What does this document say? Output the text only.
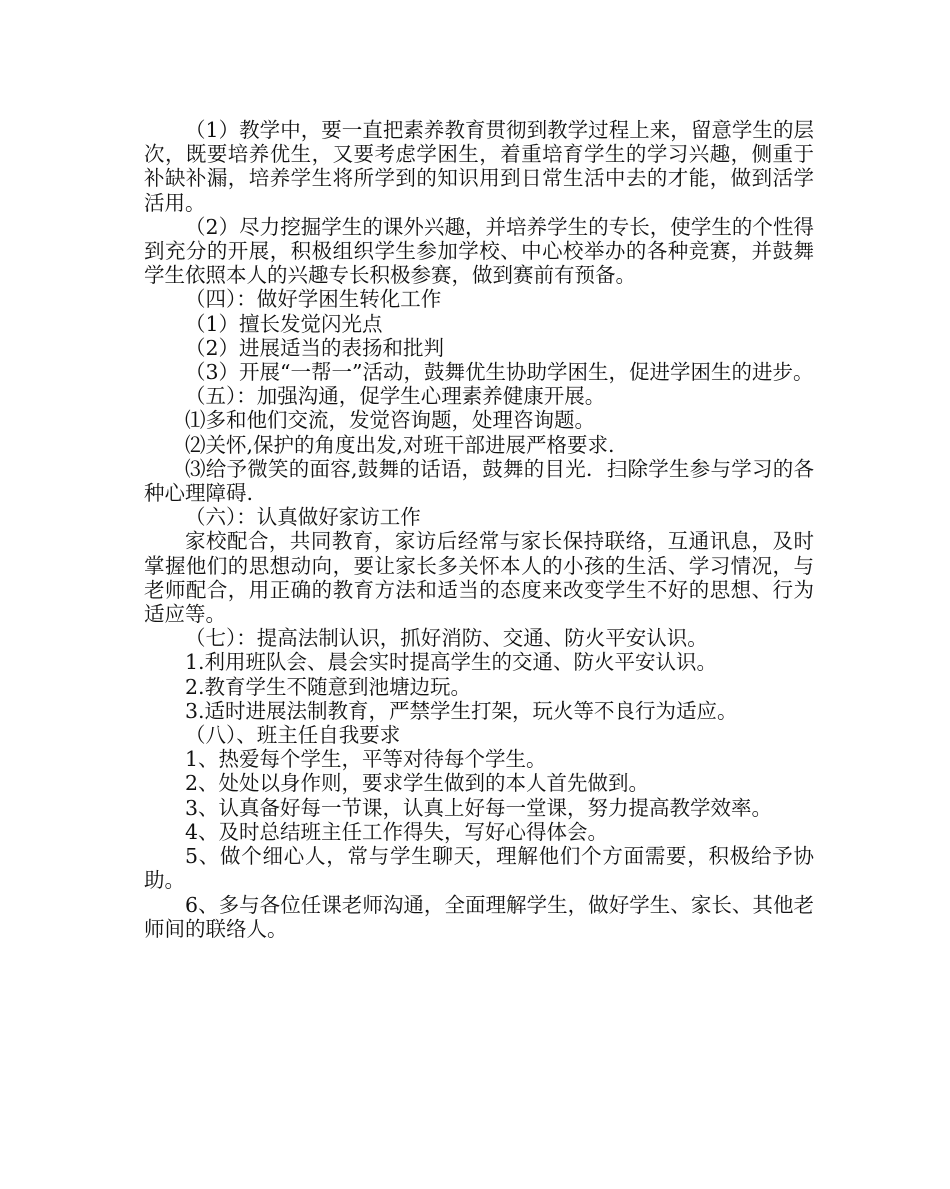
（1）教学中，要一直把素养教育贯彻到教学过程上来，留意学生的层次，既要培养优生，又要考虑学困生，着重培育学生的学习兴趣，侧重于补缺补漏，培养学生将所学到的知识用到日常生活中去的才能，做到活学活用。

（2）尽力挖掘学生的课外兴趣，并培养学生的专长，使学生的个性得到充分的开展，积极组织学生参加学校、中心校举办的各种竞赛，并鼓舞学生依照本人的兴趣专长积极参赛，做到赛前有预备。

（四）：做好学困生转化工作

（1）擅长发觉闪光点

（2）进展适当的表扬和批判

（3）开展“一帮一”活动，鼓舞优生协助学困生，促进学困生的进步。

（五）：加强沟通，促学生心理素养健康开展。

⑴多和他们交流，发觉咨询题，处理咨询题。

⑵关怀,保护的角度出发,对班干部进展严格要求.

⑶给予微笑的面容,鼓舞的话语，鼓舞的目光．扫除学生参与学习的各种心理障碍.

（六）：认真做好家访工作

家校配合，共同教育，家访后经常与家长保持联络，互通讯息，及时掌握他们的思想动向，要让家长多关怀本人的小孩的生活、学习情况，与老师配合，用正确的教育方法和适当的态度来改变学生不好的思想、行为适应等。

（七）：提高法制认识，抓好消防、交通、防火平安认识。

1.利用班队会、晨会实时提高学生的交通、防火平安认识。

2.教育学生不随意到池塘边玩。

3.适时进展法制教育，严禁学生打架，玩火等不良行为适应。

（八）、班主任自我要求

1、热爱每个学生，平等对待每个学生。

2、处处以身作则，要求学生做到的本人首先做到。

3、认真备好每一节课，认真上好每一堂课，努力提高教学效率。

4、及时总结班主任工作得失，写好心得体会。

5、做个细心人，常与学生聊天，理解他们个方面需要，积极给予协助。

6、多与各位任课老师沟通，全面理解学生，做好学生、家长、其他老师间的联络人。
